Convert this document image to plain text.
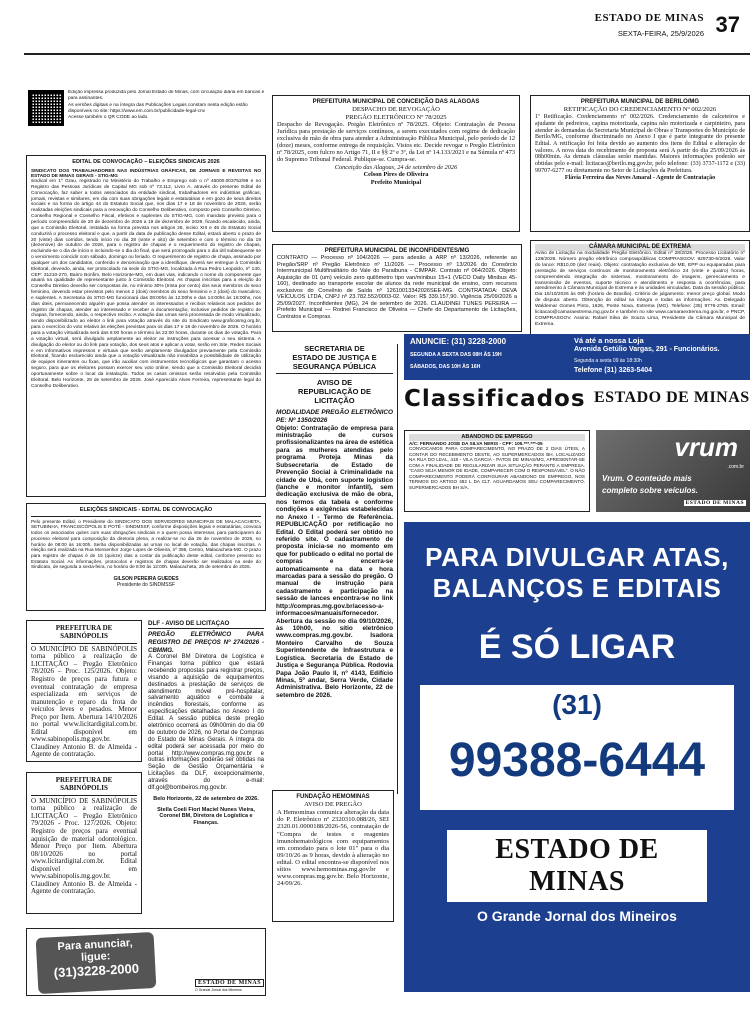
ESTADO DE MINAS
SEXTA-FEIRA, 25/9/2026 37
Edição impressa produzida pelo Jornal Estado de Minas, com circulação diária em bancas e para assinantes.
As versões digitais e na íntegra das Publicações Legais constam nesta edição estão disponíveis no site: https://www.em.com.br/publicidade-legal-cnv
Acesse também o QR CODE ao lado.
EDITAL DE CONVOCAÇÃO – ELEIÇÕES SINDICAIS 2026
SINDICATO DOS TRABALHADORES NAS INDÚSTRIAS GRÁFICAS, DE JORNAIS E REVISTAS NO ESTADO DE MINAS GERAIS - STIG-MG
sindical em 1º Grau, registrado no Ministério do Trabalho e Emprego sob o nº 46000.003752/98 e no Registro das Pessoas Jurídicas de Capital MG sob nº 73.112, Livro A, através do presente Edital de Convocação, faz saber a todos associados da entidade sindical, trabalhadores em indústrias gráficas, jornais, revistas e similares, em dia com suas obrigações legais e estatutárias e em gozo de seus direitos sociais e na forma do artigo 44 do Estatuto Social que, nos dias 17 e 18 de novembro de 2026, serão realizadas eleições sindicais para a renovação do Conselho Deliberativo, composto pelo Conselho Diretivo, Conselho Regional e Conselho Fiscal, efetivos e suplentes do STIG-MG, com mandato previsto para o período compreendido de 20 de dezembro de 2026 a 19 de dezembro de 2029, ficando escalecido, ainda, que a Comissão Eleitoral, instalada na forma prevista nos artigos 26, inciso XIII e 46 do Estatuto Social conduzirá o processo eleitoral e que, a partir da data de publicação desse Edital, estará aberto o prazo de 20 (vinte) dias corridos, tendo início no dia 28 (vinte e oito) de setembro e com o término no dia 19 (dezenove) de outubro de 2026, para o registro de chapas e o requerimento do registro de chapas, excluindo-se o dia de início e incluindo-se o dia do final, que será prorrogado para o dia útil subsequente se o vencimento coincidir com sábado, domingo ou feriado. O requerimento de registro de chapa, assinado por qualquer um dos candidatos, conferido e denominação que a identifique, deverá ser entregue à Comissão Eleitoral, devendo, ainda, ser protocolado na sede do STIG-MG, localizada à Rua Pedro Leopoldo, nº 140, CEP: 31210-270, Bairro Bonfim, Belo Horizonte-MG, em duas vias, indicando o nome do componente que atuará na qualidade de representante junto à Comissão Eleitoral. As chapas inscritas para a eleição do Conselho Diretivo deverão ser compostas de, no mínimo 30% (trinta por cento) dos seus membros do sexo feminino, devendo estar previstos pelo menos 2 (dois) membros do sexo feminino e 2 (dois) do masculino, e suplentes. A Secretaria do STIG-MG funcionará das 08:00hs às 12:00hs e das 14:00hs às 18:00hs, nos dias úteis, permanecendo alguém que possa atender os interessados e recibos relativos aos pedidos de registro de chapas, atender ao interessado e receber a documentação, inclusive pedidos de registro de chapas, fornecendo, ainda, o respectivo recibo. A votação das urnas será processada de modo virtualizado, sendo disponibilizado ao eleitor o link para votação através do site do Sindicato www.graficosmg.org.br, para o exercício do voto relativo às eleições previstas para os dias 17 e 18 de novembro de 2026. O horário para a votação virtualizada será das 6:00 horas e término às 22:00 horas, durante os dias de votação. Para a votação virtual, será divulgado amplamente ao eleitor as instruções para acessar o seu sistema. A divulgação do eleitor ou do link para votação, dos seus atos e aplicar a votar, serão em Site, Redes Sociais e em informativos impressos e virtuais que serão amplamente divulgados previamente pela Comissão Eleitoral, ficando esclarecido ainda que a votação virtualizada não inviabiliza a possibilidade de utilização de equipes itinerantes ou fixas, que irão auxiliar com instrumentos tecnológicos que garantam o acesso seguro, para que os eleitores possam exercer seu voto online, sendo que a Comissão Eleitoral decidirá oportunamente sobre o local da instalação. Todos os casos omissos serão resolvidos pela Comissão Eleitoral. Belo Horizonte, 28 de setembro de 2026. José Aparecido Alves Ferreira, representante legal do Conselho Deliberativo.
ELEIÇÕES SINDICAIS - EDITAL DE CONVOCAÇÃO
Pelo presente Edital, o Presidente do SINDICATO DOS SERVIDORES MUNICIPAIS DE MALACACHETA, SETUBINHA, FRANCISCÓPOLIS E POTÉ - SINDMSSF, conforme disposições legais e estatutárias, convoca todos os associados quites com suas obrigações sindicais e a quem possa interessar, para participarem do processo eleitoral para composição da diretoria plena, a realizar-se no dia 26 de novembro de 2026, no horário de 08:00 às 16:00h. Serão disponibilizadas as urnas no local de votação, das chapas inscritas. A eleição será realizada na Rua Monsenhor Jorge Lopes de Oliveira, nº 395, Centro, Malacacheta-MG. O prazo para registro de chapas é de 15 (quinze) dias a contar da publicação deste edital, conforme previsto no Estatuto Social. As informações, protocolos e registros de chapas deverão ser realizados na sede do Sindicato, de segunda a sexta-feira, no horário de 8:00 às 12:00h. Malacacheta, 25 de setembro de 2026.
GILSON PEREIRA GUEDES
Presidente do SINDMSSF
PREFEITURA DE SABINÓPOLIS
O MUNICÍPIO DE SABINÓPOLIS torna público a realização de LICITAÇÃO – Pregão Eletrônico 78/2026 – Proc. 125/2026. Objeto: Registro de preços para futura e eventual contratação de empresa especializada em serviços de manutenção e reparo da frota de veículos leves e pesados. Menor Preço por Item. Abertura 14/10/2026 no portal www.licitardigital.com.br. Edital disponível em www.sabinopolis.mg.gov.br. Claudiney Antonio B. de Almeida - Agente de contratação.
PREFEITURA DE SABINÓPOLIS
O MUNICÍPIO DE SABINÓPOLIS torna público a realização de LICITAÇÃO – Pregão Eletrônico 79/2026 - Proc. 127/2026. Objeto: Registro de preços para eventual aquisição de material odontológico. Menor Preço por Item. Abertura 08/10/2026 no portal www.licitardigital.com.br. Edital disponível em www.sabinopolis.mg.gov.br. Claudiney Antonio B. de Almeida - Agente de contratação.
Para anunciar,
ligue:
(31)3228-2000
ESTADO DE MINAS
O Grande Jornal dos Mineiros
PREFEITURA MUNICIPAL DE CONCEIÇÃO DAS ALAGOAS
DESPACHO DE REVOGAÇÃO
PREGÃO ELETRÔNICO Nº 78/2025
Despacho de Revogação. Pregão Eletrônico nº 78/2025. Objeto: Contratação de Pessoa Jurídica para prestação de serviços contínuos, a serem executados com regime de dedicação exclusiva de mão de obra para atender a Administração Pública Municipal, pelo período de 12 (doze) meses, conforme entrega de requisição. Vistos etc. Decide revogar o Pregão Eletrônico nº 78/2025, com fulcro no Artigo 71, II e §§ 2º e 3º, da Lei nº 14.133/2021 e na Súmula nº 473 do Supremo Tribunal Federal. Publique-se. Cumpra-se.
Conceição das Alagoas, 24 de setembro de 2026
Celson Pires de Oliveira
Prefeito Municipal
PREFEITURA MUNICIPAL DE BERILO/MG
RETIFICAÇÃO DO CREDENCIAMENTO Nº 002/2026
1ª Retificação. Credenciamento nº 002/2026. Credenciamento de calceteiros e ajudante de pedreiros, capina motorizada, capina não motorizada e carpinteiro, para atender às demandas da Secretaria Municipal de Obras e Transportes do Município de Berilo/MG, conforme discriminado no Anexo I que é parte integrante do presente Edital. A retificação foi feita devido ao aumento dos itens do Edital e alteração de valores. A nova data do recebimento de proposta será A partir do dia 25/09/2026 às 08h00min. As demais cláusulas serão mantidas. Maiores informações poderão ser obtidas pelo e-mail: licitacao@berilo.mg.gov.br, pelo telefone: (33) 3737-1172 e (33) 99707-6277 ou diretamente no Setor de Licitações da Prefeitura.
Flávia Ferreira das Neves Amaral - Agente de Contratação
PREFEITURA MUNICIPAL DE INCONFIDENTES/MG
CONTRATO — Processo nº 104/2026 — para adesão à ARP nº 13/2026, referente ao Pregão/SRP nº Pregão Eletrônico nº 11/2026 — Processo nº 13/2026 do Consórcio Intermunicipal Multifinalitário do Vale do Paraibuna - CIMPAR. Contrato nº 064/2026. Objeto: Aquisição de 01 (um) veículo zero quilômetro tipo van/minibus 15+1 (VECO Daily Minibus 45-160), destinado ao transporte escolar de alunos da rede municipal de ensino, com recursos exclusivos do Convênio de Saída nº 12610013342026SEE-MG. CONTRATADA: DEVA VEÍCULOS LTDA, CNPJ nº 23.782.552/0003-02. Valor: R$ 339.157,90. Vigência 25/09/2026 a 25/09/2027. Inconfidentes (MG), 24 de setembro de 2026. CLAUDINEI TUNES PEREIRA — Prefeito Municipal — Rodnei Francisco de Oliveira — Chefe do Departamento de Licitações, Contratos e Compras.
CÂMARA MUNICIPAL DE EXTREMA
Aviso de Licitação na modalidade Pregão Eletrônico. Edital nº 28/2026. Processo Licitatório nº 128/2026. Número pregão eletrônico compraspúblicas COMPRASGOV: 929730-6/2026. Valor do lance: R$10,00 (dez reais). Objeto: contratação exclusiva de ME, EPP ou equiparadas para prestação de serviços contínuos de monitoramento eletrônico 24 (vinte e quatro) horas, compreendendo integração de sistemas, monitoramento de imagens, gerenciamento e transmissão de eventos, suporte técnico e atendimento e resposta a ocorrências, para atendimento à Câmara Municipal de Extrema e às unidades vinculadas. Data da sessão pública: Dia 15/10/2026 às 09h (horário de Brasília). Critério de julgamento: menor preço global. Modo de disputa: aberto. Obtenção do edital na íntegra e todas as informações: Av. Delegado Waldemar Gomes Pinto, 1626, Ponte Nova, Extrema (MG). Telefone: (35) 9776-2765. Email: licitacao@camaraextrema.mg.gov.br e também no site www.camaraextrema.mg.gov.br, e PNCP, COMPRASGOV. Assina: Rafael Silva de Souza Lima, Presidente da Câmara Municipal de Extrema.
SECRETARIA DE
ESTADO DE JUSTIÇA E
SEGURANÇA PÚBLICA
AVISO DE
REPUBLICAÇÃO DE
LICITAÇÃO
MODALIDADE PREGÃO ELETRÔNICO PE: Nº 1350/2026
Objeto: Contratação de empresa para ministração de cursos profissionalizantes na área de estética para as mulheres atendidas pelo programa Proteja Minas da Subsecretaria de Estado de Prevenção Social à Criminalidade na cidade de Ubá, com suporte logístico (lanche e monitor infantil), sem dedicação exclusiva de mão de obra, nos termos da tabela e conforme condições e exigências estabelecidas no Anexo I - Termo de Referência. REPUBLICAÇÃO por retificação no Edital. O Edital poderá ser obtido no referido site. O cadastramento de proposta inicia-se no momento em que for publicado o edital no portal de compras e encerra-se automaticamente na data e hora marcadas para a sessão do pregão. O manual de instrução para cadastramento e participação na sessão de lances encontra-se no link http://compras.mg.gov.br/acesso-a-informacoes/manuais/fornecedor. Abertura da sessão no dia 09/10/2026, às 10h00, no sítio eletrônico www.compras.mg.gov.br. Isadora Monteiro Carvalho de Souza Superintendente de Infraestrutura e Logística. Secretaria de Estado de Justiça e Segurança Pública. Rodovia Papa João Paulo II, nº 4143, Edifício Minas, 5º andar, Serra Verde, Cidade Administrativa. Belo Horizonte, 22 de setembro de 2026.
ANUNCIE: (31) 3228-2000
SEGUNDA A SEXTA DAS 08H ÀS 19H
SÁBADOS, DAS 10H ÀS 16H
Vá até a nossa Loja
Avenida Getúlio Vargas, 291 - Funcionários.
Segunda a sexta 09 às 18:30h
Telefone (31) 3263-5404
Classificados ESTADO DE MINAS
ABANDONO DE EMPREGO
A/C: FERNANDO JOSE DA SILVA NERIS - CPF: 105.***.***-05
CONVOCAMOS PARA COMPARECIMENTO, NO PRAZO DE 2 DIAS ÚTEIS, A CONTAR DO RECEBIMENTO DESTE, AO SUPERMERCADOS BH, LOCALIZADO NA RUA DO LEAL, 418 - VILA GARCIA - PATOS DE MINAS/MG, APRESENTAR-SE COM A FINALIDADE DE REGULARIZAR SUA SITUAÇÃO PERANTE A EMPRESA. "CASO SEJA MENOR DE IDADE, COMPARECER COM O RESPONSÁVEL". O NÃO COMPARECIMENTO PODERÁ CONFIGURAR ABANDONO DE EMPREGO, NOS TERMOS DO ARTIGO 482 L DA CLT. AGUARDAMOS SEU COMPARECIMENTO. SUPERMERCADOS BH S/A.
vrum
.com.br
Vrum. O conteúdo mais
completo sobre veículos.
ESTADO DE MINAS
DLF - AVISO DE LICITAÇÃO
PREGÃO ELETRÔNICO PARA REGISTRO DE PREÇOS Nº 274/2026 - CBMMG.
A Coronel BM Diretora de Logística e Finanças torna público que estará recebendo propostas para registrar preços, visando a aquisição de equipamentos destinados a prestação de serviços de atendimento móvel pré-hospitalar, salvamento aquático e combate a incêndios florestais, conforme as especificações detalhadas no Anexo I do Edital. A sessão pública deste pregão eletrônico ocorrerá as 09h00min do dia 09 de outubro de 2026, no Portal de Compras do Estado de Minas Gerais. A íntegra do edital poderá ser acessada por meio do portal http://www.compras.mg.gov.br e outras informações poderão ser obtidas na Seção de Gestão Orçamentária e Licitações da DLF, excepcionalmente, através do e-mail: dlf.gol@bombeiros.mg.gov.br.
Belo Horizonte, 22 de setembro de 2026.
Stella Coeli Fiori Maciel Nunes Vieira, Coronel BM, Diretora de Logística e Finanças.
FUNDAÇÃO HEMOMINAS
AVISO DE PREGÃO
A Hemominas comunica alteração da data do P. Eletrônico nº 2320310.088/26, SEI 2320.01.0000188/2026-56, contratação de "Compra de testes e reagentes imunohematológicos com equipamentos em comodato para o lote 01" para o dia 09/10/26 as 9 horas, devido à alteração no edital. O edital encontra-se disponível nos sítios www.hemominas.mg.gov.br e www.compras.mg.gov.br. Belo Horizonte, 24/09/26.
PARA DIVULGAR ATAS,
BALANÇOS E EDITAIS
É SÓ LIGAR
(31)
99388-6444
ESTADO DE MINAS
O Grande Jornal dos Mineiros
